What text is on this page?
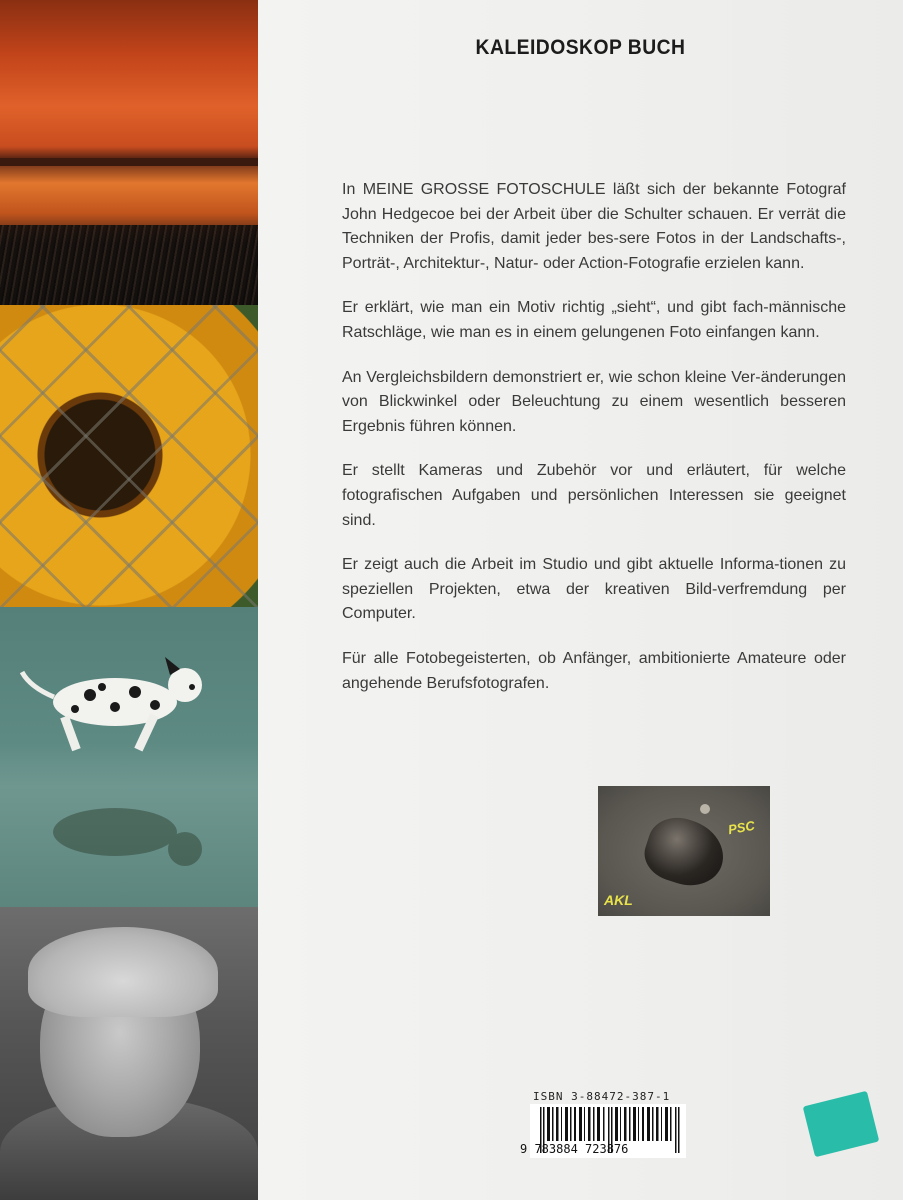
KALEIDOSKOP BUCH

In MEINE GROSSE FOTOSCHULE läßt sich der bekannte Fotograf John Hedgecoe bei der Arbeit über die Schulter schauen. Er verrät die Techniken der Profis, damit jeder bes-sere Fotos in der Landschafts-, Porträt-, Architektur-, Natur- oder Action-Fotografie erzielen kann.

Er erklärt, wie man ein Motiv richtig „sieht“, und gibt fach-männische Ratschläge, wie man es in einem gelungenen Foto einfangen kann.

An Vergleichsbildern demonstriert er, wie schon kleine Ver-änderungen von Blickwinkel oder Beleuchtung zu einem wesentlich besseren Ergebnis führen können.

Er stellt Kameras und Zubehör vor und erläutert, für welche fotografischen Aufgaben und persönlichen Interessen sie geeignet sind.

Er zeigt auch die Arbeit im Studio und gibt aktuelle Informa-tionen zu speziellen Projekten, etwa der kreativen Bild-verfremdung per Computer.

Für alle Fotobegeisterten, ob Anfänger, ambitionierte Amateure oder angehende Berufsfotografen.

PSC
AKL
ISBN 3-88472-387-1
9 783884 723876
